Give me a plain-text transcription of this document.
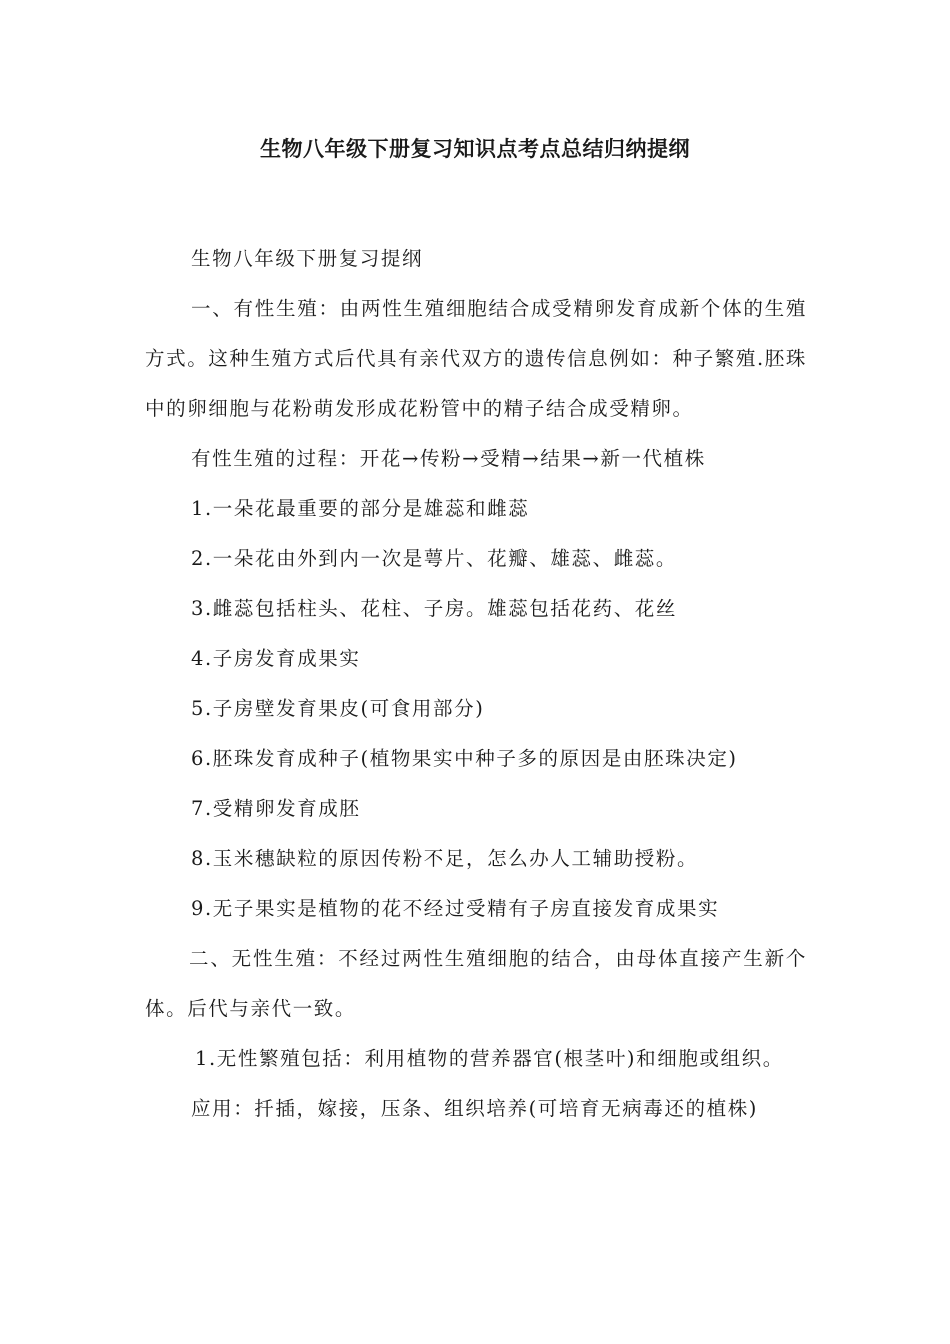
生物八年级下册复习知识点考点总结归纳提纲

生物八年级下册复习提纲

一、有性生殖：由两性生殖细胞结合成受精卵发育成新个体的生殖方式。这种生殖方式后代具有亲代双方的遗传信息例如：种子繁殖.胚珠中的卵细胞与花粉萌发形成花粉管中的精子结合成受精卵。

有性生殖的过程：开花→传粉→受精→结果→新一代植株

1.一朵花最重要的部分是雄蕊和雌蕊

2.一朵花由外到内一次是萼片、花瓣、雄蕊、雌蕊。

3.雌蕊包括柱头、花柱、子房。雄蕊包括花药、花丝

4.子房发育成果实

5.子房壁发育果皮(可食用部分)

6.胚珠发育成种子(植物果实中种子多的原因是由胚珠决定)

7.受精卵发育成胚

8.玉米穗缺粒的原因传粉不足，怎么办人工辅助授粉。

9.无子果实是植物的花不经过受精有子房直接发育成果实

二、无性生殖：不经过两性生殖细胞的结合，由母体直接产生新个体。后代与亲代一致。

1.无性繁殖包括：利用植物的营养器官(根茎叶)和细胞或组织。

应用：扦插，嫁接，压条、组织培养(可培育无病毒还的植株)
